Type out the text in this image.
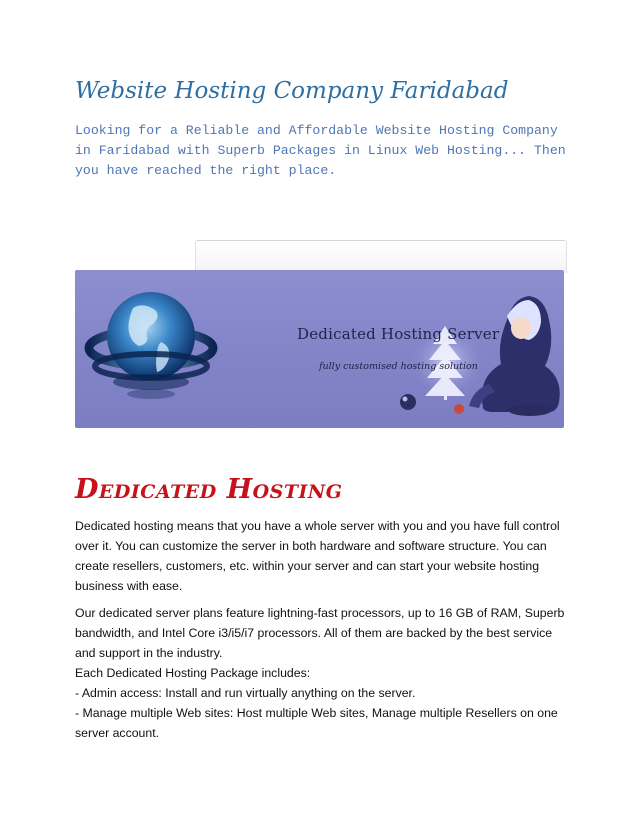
Website Hosting Company Faridabad

Looking for a Reliable and Affordable Website Hosting Company in Faridabad with Superb Packages in Linux Web Hosting... Then you have reached the right place.

Dedicated Hosting Server
fully customised hosting solution
Dedicated Hosting

Dedicated hosting means that you have a whole server with you and you have full control over it. You can customize the server in both hardware and software structure. You can create resellers, customers, etc. within your server and can start your website hosting business with ease.

Our dedicated server plans feature lightning-fast processors, up to 16 GB of RAM, Superb bandwidth, and Intel Core i3/i5/i7 processors. All of them are backed by the best service and support in the industry.

Each Dedicated Hosting Package includes:
- Admin access: Install and run virtually anything on the server.
- Manage multiple Web sites: Host multiple Web sites, Manage multiple Resellers on one server account.
